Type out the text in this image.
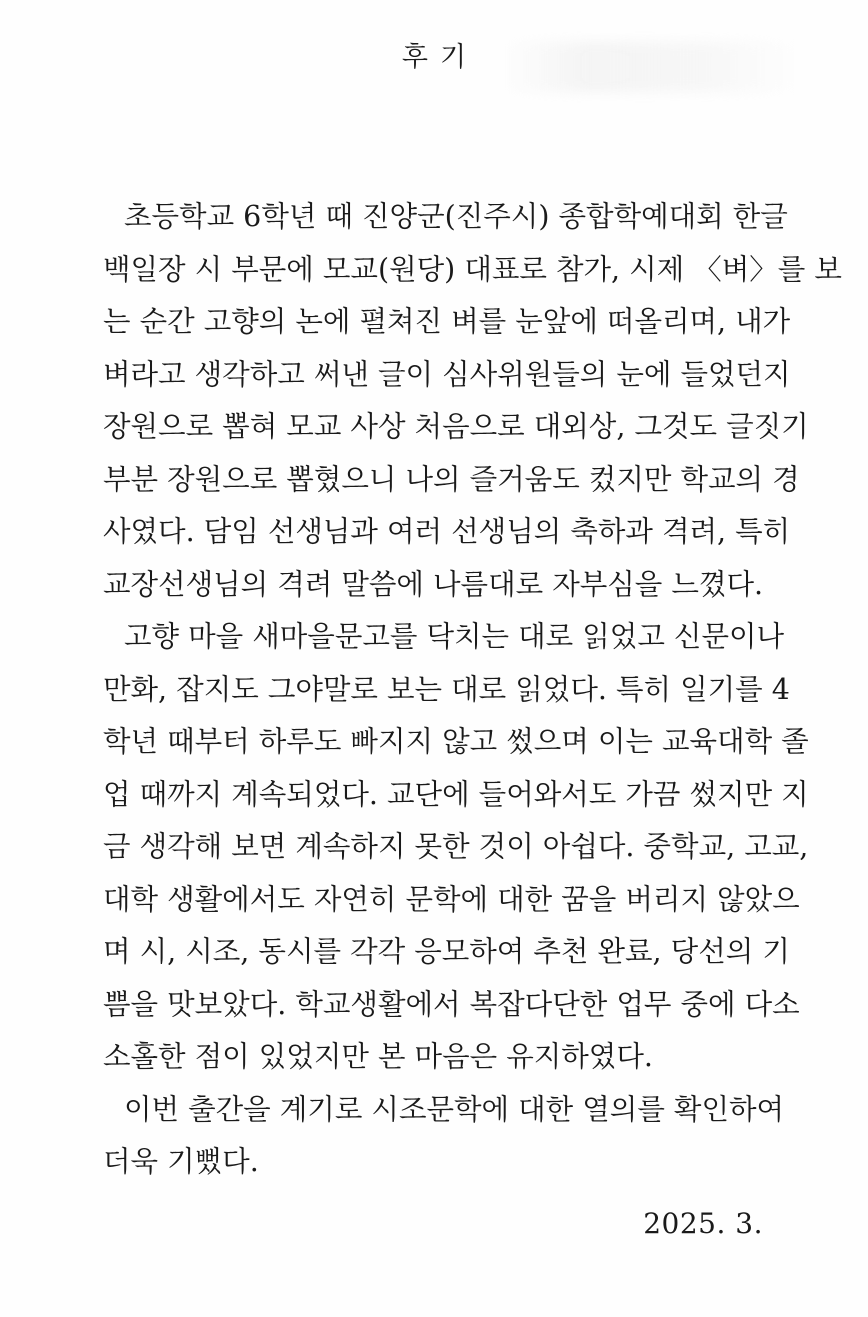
후기
초등학교 6학년 때 진양군(진주시) 종합학예대회 한글
백일장 시 부문에 모교(원당) 대표로 참가, 시제 〈벼〉를 보
는 순간 고향의 논에 펼쳐진 벼를 눈앞에 떠올리며, 내가
벼라고 생각하고 써낸 글이 심사위원들의 눈에 들었던지
장원으로 뽑혀 모교 사상 처음으로 대외상, 그것도 글짓기
부분 장원으로 뽑혔으니 나의 즐거움도 컸지만 학교의 경
사였다. 담임 선생님과 여러 선생님의 축하과 격려, 특히
교장선생님의 격려 말씀에 나름대로 자부심을 느꼈다.
고향 마을 새마을문고를 닥치는 대로 읽었고 신문이나
만화, 잡지도 그야말로 보는 대로 읽었다. 특히 일기를 4
학년 때부터 하루도 빠지지 않고 썼으며 이는 교육대학 졸
업 때까지 계속되었다. 교단에 들어와서도 가끔 썼지만 지
금 생각해 보면 계속하지 못한 것이 아쉽다. 중학교, 고교,
대학 생활에서도 자연히 문학에 대한 꿈을 버리지 않았으
며 시, 시조, 동시를 각각 응모하여 추천 완료, 당선의 기
쁨을 맛보았다. 학교생활에서 복잡다단한 업무 중에 다소
소홀한 점이 있었지만 본 마음은 유지하였다.
이번 출간을 계기로 시조문학에 대한 열의를 확인하여
더욱 기뻤다.
2025. 3.
